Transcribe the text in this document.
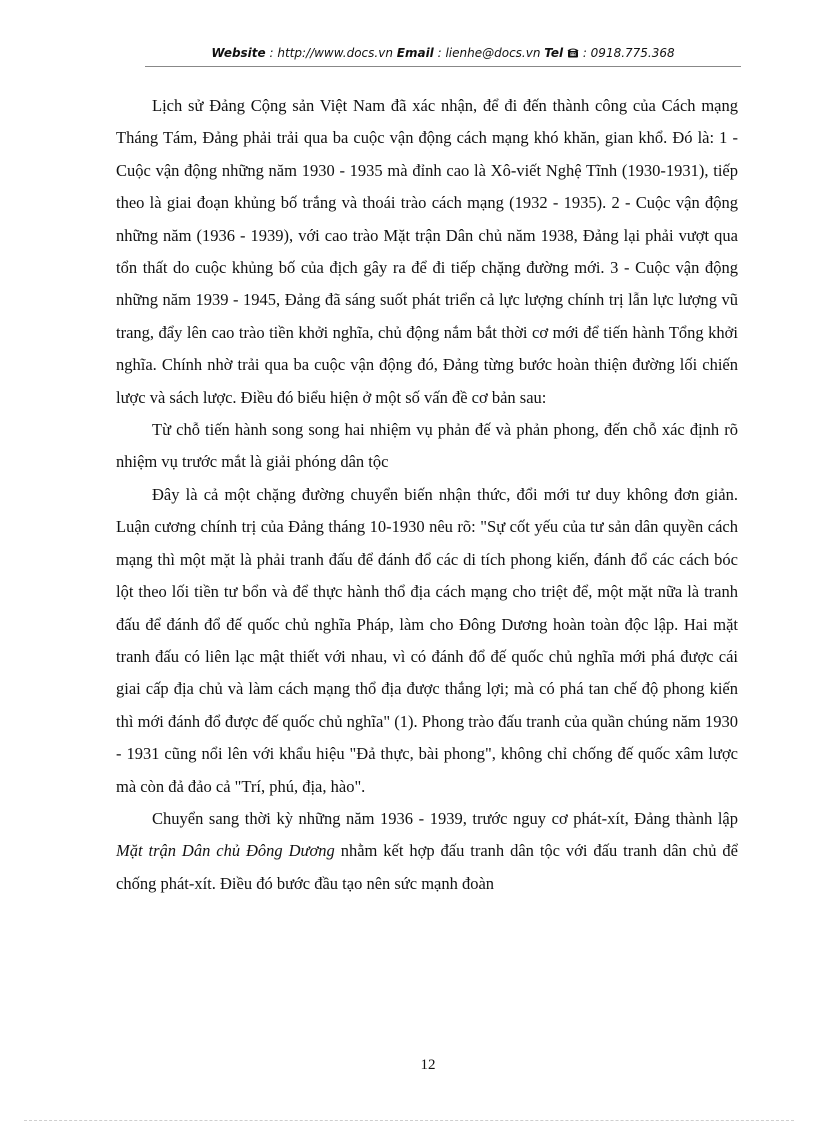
Website : http://www.docs.vn Email : lienhe@docs.vn Tel  : 0918.775.368

Lịch sử Đảng Cộng sản Việt Nam đã xác nhận, để đi đến thành công của Cách mạng Tháng Tám, Đảng phải trải qua ba cuộc vận động cách mạng khó khăn, gian khổ. Đó là: 1 - Cuộc vận động những năm 1930 - 1935 mà đỉnh cao là Xô-viết Nghệ Tĩnh (1930-1931), tiếp theo là giai đoạn khủng bố trắng và thoái trào cách mạng (1932 - 1935). 2 - Cuộc vận động những năm (1936 - 1939), với cao trào Mặt trận Dân chủ năm 1938, Đảng lại phải vượt qua tổn thất do cuộc khủng bố của địch gây ra để đi tiếp chặng đường mới. 3 - Cuộc vận động những năm 1939 - 1945, Đảng đã sáng suốt phát triển cả lực lượng chính trị lẫn lực lượng vũ trang, đẩy lên cao trào tiền khởi nghĩa, chủ động nắm bắt thời cơ mới để tiến hành Tổng khởi nghĩa. Chính nhờ trải qua ba cuộc vận động đó, Đảng từng bước hoàn thiện đường lối chiến lược và sách lược. Điều đó biểu hiện ở một số vấn đề cơ bản sau:

Từ chỗ tiến hành song song hai nhiệm vụ phản đế và phản phong, đến chỗ xác định rõ nhiệm vụ trước mắt là giải phóng dân tộc

Đây là cả một chặng đường chuyển biến nhận thức, đổi mới tư duy không đơn giản. Luận cương chính trị của Đảng tháng 10-1930 nêu rõ: "Sự cốt yếu của tư sản dân quyền cách mạng thì một mặt là phải tranh đấu để đánh đổ các di tích phong kiến, đánh đổ các cách bóc lột theo lối tiền tư bổn và để thực hành thổ địa cách mạng cho triệt để, một mặt nữa là tranh đấu để đánh đổ đế quốc chủ nghĩa Pháp, làm cho Đông Dương hoàn toàn độc lập. Hai mặt tranh đấu có liên lạc mật thiết với nhau, vì có đánh đổ đế quốc chủ nghĩa mới phá được cái giai cấp địa chủ và làm cách mạng thổ địa được thắng lợi; mà có phá tan chế độ phong kiến thì mới đánh đổ được đế quốc chủ nghĩa" (1). Phong trào đấu tranh của quần chúng năm 1930 - 1931 cũng nổi lên với khẩu hiệu "Đả thực, bài phong", không chỉ chống đế quốc xâm lược mà còn đả đảo cả "Trí, phú, địa, hào".

Chuyển sang thời kỳ những năm 1936 - 1939, trước nguy cơ phát-xít, Đảng thành lập Mặt trận Dân chủ Đông Dương nhằm kết hợp đấu tranh dân tộc với đấu tranh dân chủ để chống phát-xít. Điều đó bước đầu tạo nên sức mạnh đoàn

12
